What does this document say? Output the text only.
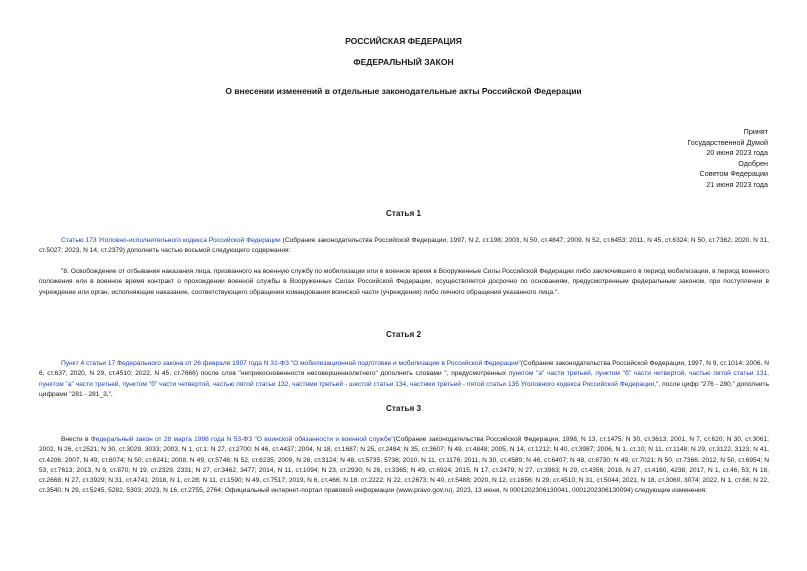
РОССИЙСКАЯ ФЕДЕРАЦИЯ
ФЕДЕРАЛЬНЫЙ ЗАКОН
О внесении изменений в отдельные законодательные акты Российской Федерации
Принят
Государственной Думой
20 июня 2023 года
Одобрен
Советом Федерации
21 июня 2023 года
Статья 1
Статью 173 Уголовно-исполнительного кодекса Российской Федерации (Собрание законодательства Российской Федерации, 1997, N 2, ст.198; 2003, N 50, ст.4847; 2009, N 52, ст.6453; 2011, N 45, ст.6324; N 50, ст.7362; 2020, N 31, ст.5027; 2023, N 14, ст.2379) дополнить частью восьмой следующего содержания:
"8. Освобождение от отбывания наказания лица, призванного на военную службу по мобилизации или в военное время в Вооруженные Силы Российской Федерации либо заключившего в период мобилизации, в период военного положения или в военное время контракт о прохождении военной службы в Вооруженных Силах Российской Федерации, осуществляется досрочно по основаниям, предусмотренным федеральным законом, при поступлении в учреждение или орган, исполняющие наказание, соответствующего обращения командования воинской части (учреждения) либо личного обращения указанного лица.".
Статья 2
Пункт 4 статьи 17 Федерального закона от 26 февраля 1997 года N 31-ФЗ "О мобилизационной подготовке и мобилизации в Российской Федерации"(Собрание законодательства Российской Федерации, 1997, N 9, ст.1014; 2006, N 6, ст.637; 2020, N 29, ст.4510; 2022, N 45, ст.7666) после слов "неприкосновенности несовершеннолетнего" дополнить словами ", предусмотренных пунктом "а" части третьей, пунктом "б" части четвертой, частью пятой статьи 131, пунктом "а" части третьей, пунктом "б" части четвертой, частью пятой статьи 132, частями третьей - шестой статьи 134, частями третьей - пятой статьи 135 Уголовного кодекса Российской Федерации,", после цифр "276 - 280," дополнить цифрами "281 - 281_3,".
Статья 3
Внести в Федеральный закон от 28 марта 1998 года N 53-ФЗ "О воинской обязанности и военной службе"(Собрание законодательства Российской Федерации, 1998, N 13, ст.1475; N 30, ст.3613; 2001, N 7, ст.620; N 30, ст.3061; 2002, N 26, ст.2521; N 30, ст.3029, 3033; 2003, N 1, ст.1; N 27, ст.2700; N 46, ст.4437; 2004, N 18, ст.1687; N 25, ст.2484; N 35, ст.3607; N 49, ст.4848; 2005, N 14, ст.1212; N 40, ст.3987; 2006, N 1, ст.10; N 11, ст.1148; N 29, ст.3122, 3123; N 41, ст.4206; 2007, N 49, ст.6074; N 50, ст.6241; 2008, N 49, ст.5746; N 52, ст.6235; 2009, N 26, ст.3124; N 48, ст.5735, 5736; 2010, N 11, ст.1176; 2011, N 30, ст.4589; N 46, ст.6407; N 48, ст.6730; N 49, ст.7021; N 50, ст.7366; 2012, N 50, ст.6954; N 53, ст.7613; 2013, N 9, ст.870; N 19, ст.2329, 2331; N 27, ст.3462, 3477; 2014, N 11, ст.1094; N 23, ст.2930; N 26, ст.3365; N 49, ст.6924; 2015, N 17, ст.2479; N 27, ст.3963; N 29, ст.4356; 2016, N 27, ст.4160, 4238; 2017, N 1, ст.46, 53; N 18, ст.2668; N 27, ст.3929; N 31, ст.4741; 2018, N 1, ст.28; N 11, ст.1590; N 49, ст.7517; 2019, N 6, ст.466; N 18, ст.2222; N 22, ст.2673; N 40, ст.5488; 2020, N 12, ст.1656; N 29, ст.4510; N 31, ст.5044; 2021, N 18, ст.3060, 3074; 2022, N 1, ст.66; N 22, ст.3540; N 29, ст.5245, 5282, 5303; 2023, N 16, ст.2755, 2764; Официальный интернет-портал правовой информации (www.pravo.gov.ru), 2023, 13 июня, N 0001202306130041, 0001202306130094) следующие изменения:
